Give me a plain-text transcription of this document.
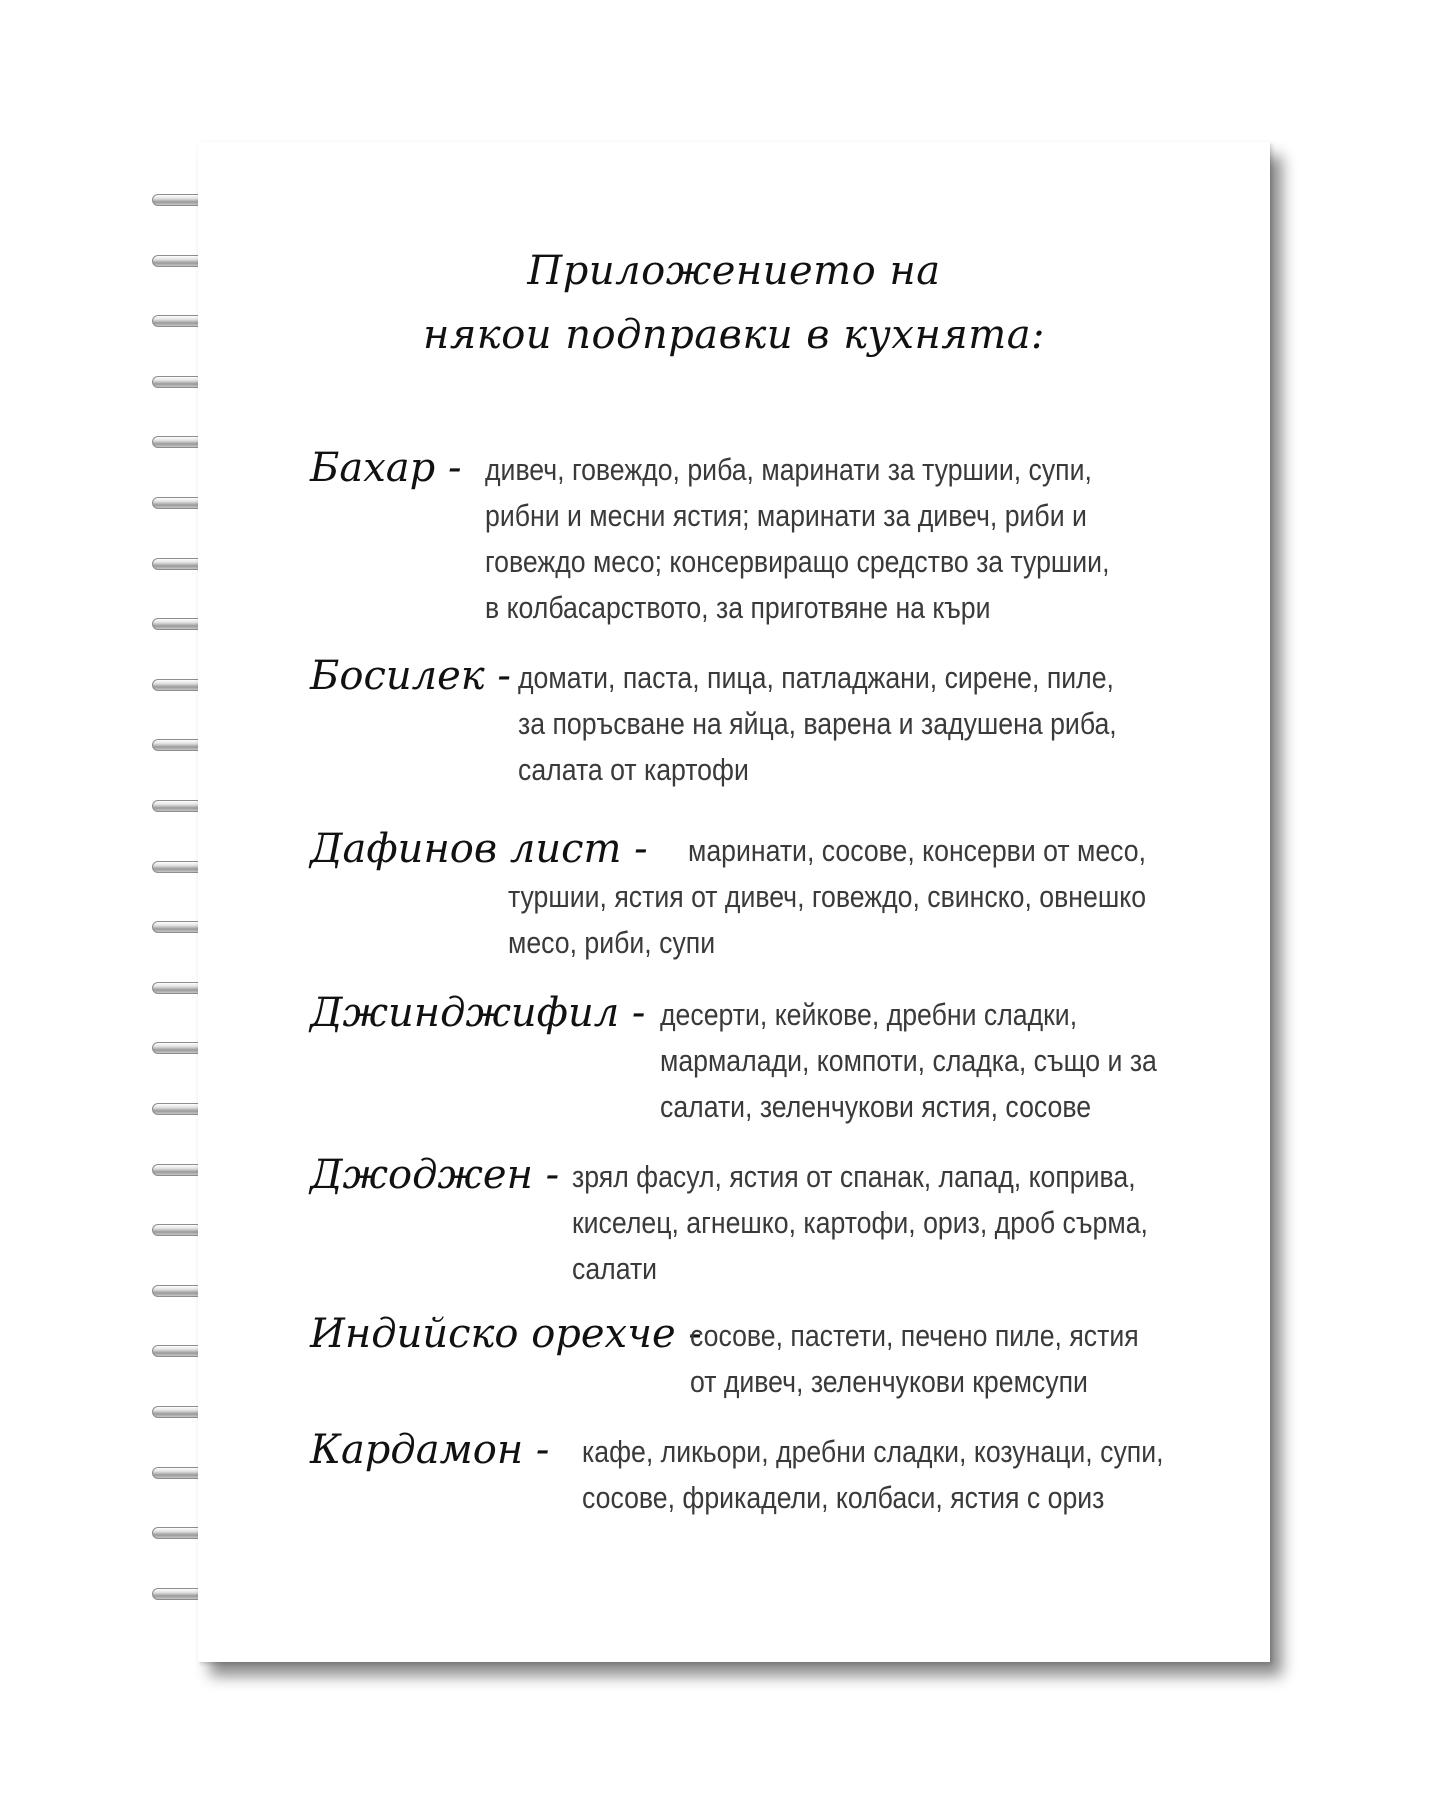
Приложението на
някои подправки в кухнята:
Бахар - дивеч, говеждо, риба, маринати за туршии, супи,
рибни и месни ястия; маринати за дивеч, риби и
говеждо месо; консервиращо средство за туршии,
в колбасарството, за приготвяне на къри
Босилек - домати, паста, пица, патладжани, сирене, пиле,
за поръсване на яйца, варена и задушена риба,
салата от картофи
Дафинов лист - маринати, сосове, консерви от месо,
туршии, ястия от дивеч, говеждо, свинско, овнешко
месо, риби, супи
Джинджифил - десерти, кейкове, дребни сладки,
мармалади, компоти, сладка, също и за
салати, зеленчукови ястия, сосове
Джоджен - зрял фасул, ястия от спанак, лапад, коприва,
киселец, агнешко, картофи, ориз, дроб сърма,
салати
Индийско орехче -
сосове, пастети, печено пиле, ястия
от дивеч, зеленчукови кремсупи
Кардамон - кафе, ликьори, дребни сладки, козунаци, супи,
сосове, фрикадели, колбаси, ястия с ориз
